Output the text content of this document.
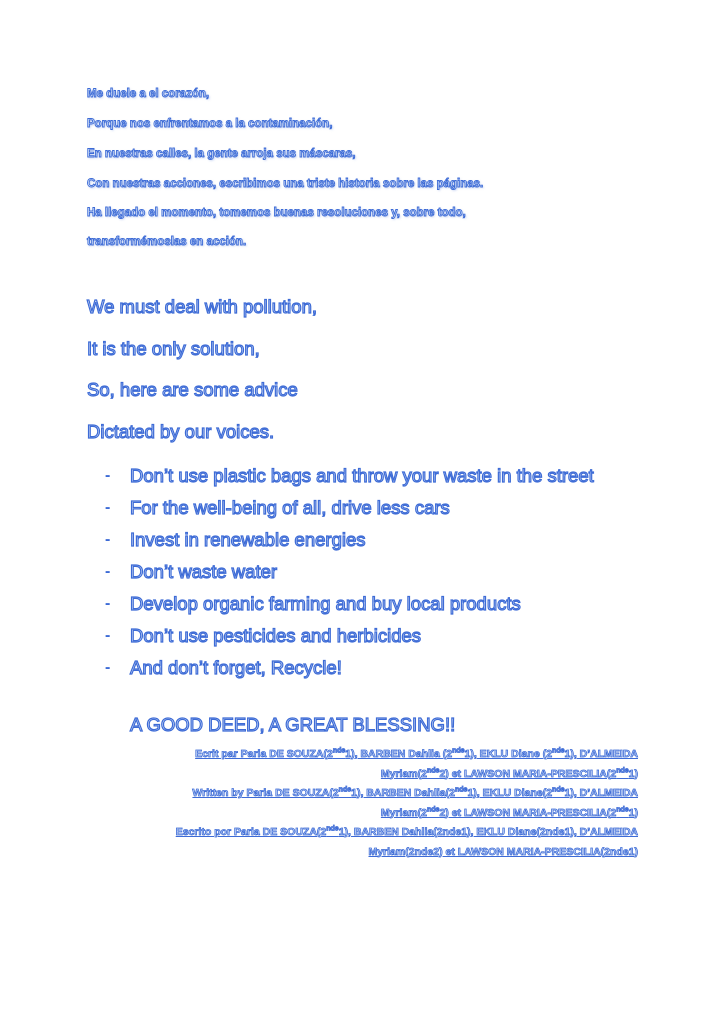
Me duele a el corazón,
Porque nos enfrentamos a la contaminación,
En nuestras calles, la gente arroja sus máscaras,
Con nuestras acciones, escribimos una triste historia sobre las páginas.
Ha llegado el momento, tomemos buenas resoluciones y, sobre todo,
transformémoslas en acción.
We must deal with pollution,
It is the only solution,
So, here are some advice
Dictated by our voices.
- Don’t use plastic bags and throw your waste in the street
- For the well-being of all, drive less cars
- Invest in renewable energies
- Don’t waste water
- Develop organic farming and buy local products
- Don’t use pesticides and herbicides
- And don’t forget, Recycle!
A GOOD DEED, A GREAT BLESSING!!
Ecrit par Paria DE SOUZA(2nde1), BARBEN Dahlia (2nde1), EKLU Diane (2nde1), D’ALMEIDA
Myriam(2nde2) et LAWSON MARIA-PRESCILIA(2nde1)
Written by Paria DE SOUZA(2nde1), BARBEN Dahlia(2nde1), EKLU Diane(2nde1), D’ALMEIDA
Myriam(2nde2) et LAWSON MARIA-PRESCILIA(2nde1)
Escrito por Paria DE SOUZA(2nde1), BARBEN Dahlia(2nde1), EKLU Diane(2nde1), D’ALMEIDA
Myriam(2nde2) et LAWSON MARIA-PRESCILIA(2nde1)
